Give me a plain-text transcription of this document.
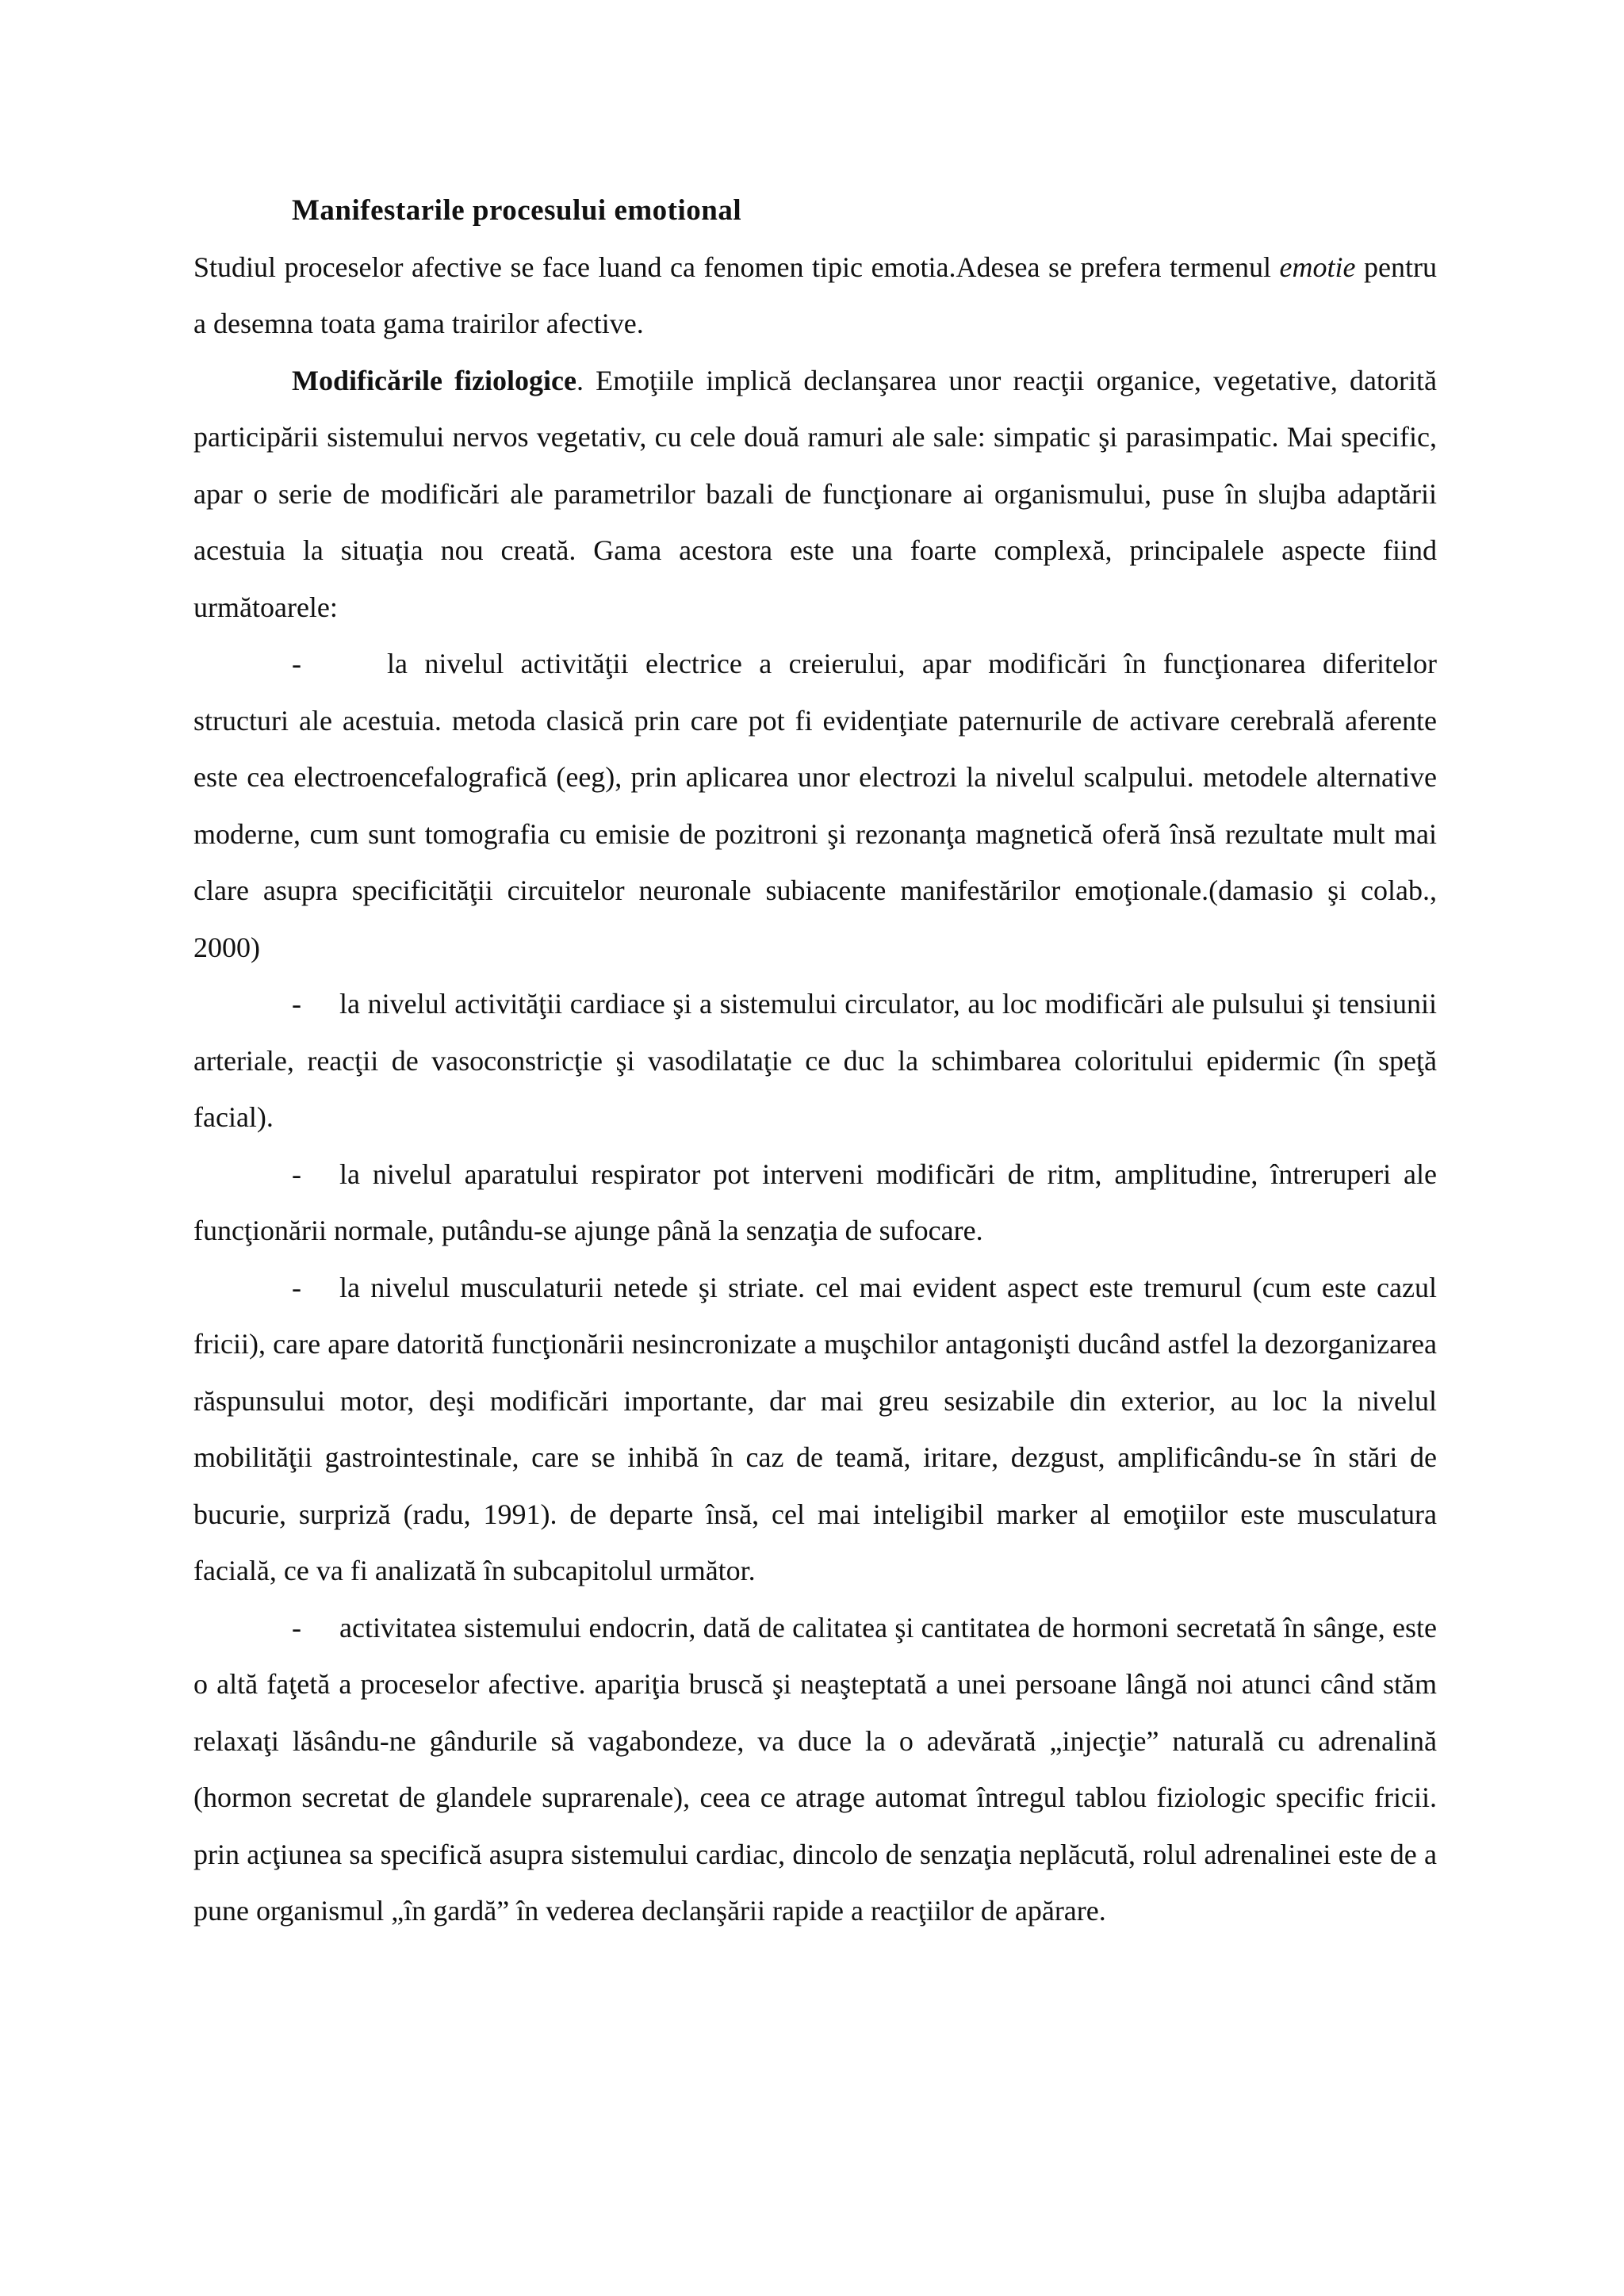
Manifestarile procesului emotional

Studiul proceselor afective se face luand ca fenomen tipic emotia.Adesea se prefera termenul emotie pentru a desemna toata gama trairilor afective.

Modificările fiziologice. Emoţiile implică declanşarea unor reacţii organice, vegetative, datorită participării sistemului nervos vegetativ, cu cele două ramuri ale sale: simpatic şi parasimpatic. Mai specific, apar o serie de modificări ale parametrilor bazali de funcţionare ai organismului, puse în slujba adaptării acestuia la situaţia nou creată. Gama acestora este una foarte complexă, principalele aspecte fiind următoarele:

-	la nivelul activităţii electrice a creierului, apar modificări în funcţionarea diferitelor structuri ale acestuia. metoda clasică prin care pot fi evidenţiate paternurile de activare cerebrală aferente este cea electroencefalografică (eeg), prin aplicarea unor electrozi la nivelul scalpului. metodele alternative moderne, cum sunt tomografia cu emisie de pozitroni şi rezonanţa magnetică oferă însă rezultate mult mai clare asupra specificităţii circuitelor neuronale subiacente manifestărilor emoţionale.(damasio şi colab., 2000)

- la nivelul activităţii cardiace şi a sistemului circulator, au loc modificări ale pulsului şi tensiunii arteriale, reacţii de vasoconstricţie şi vasodilataţie ce duc la schimbarea coloritului epidermic (în speţă facial).

- la nivelul aparatului respirator pot interveni modificări de ritm, amplitudine, întreruperi ale funcţionării normale, putându-se ajunge până la senzaţia de sufocare.

- la nivelul musculaturii netede şi striate. cel mai evident aspect este tremurul (cum este cazul fricii), care apare datorită funcţionării nesincronizate a muşchilor antagonişti ducând astfel la dezorganizarea răspunsului motor, deşi modificări importante, dar mai greu sesizabile din exterior, au loc la nivelul mobilităţii gastrointestinale, care se inhibă în caz de teamă, iritare, dezgust, amplificându-se în stări de bucurie, surpriză (radu, 1991). de departe însă, cel mai inteligibil marker al emoţiilor este musculatura facială, ce va fi analizată în subcapitolul următor.

- activitatea sistemului endocrin, dată de calitatea şi cantitatea de hormoni secretată în sânge, este o altă faţetă a proceselor afective. apariţia bruscă şi neaşteptată a unei persoane lângă noi atunci când stăm relaxaţi lăsându-ne gândurile să vagabondeze, va duce la o adevărată „injecţie” naturală cu adrenalină (hormon secretat de glandele suprarenale), ceea ce atrage automat întregul tablou fiziologic specific fricii. prin acţiunea sa specifică asupra sistemului cardiac, dincolo de senzaţia neplăcută, rolul adrenalinei este de a pune organismul „în gardă” în vederea declanşării rapide a reacţiilor de apărare.
